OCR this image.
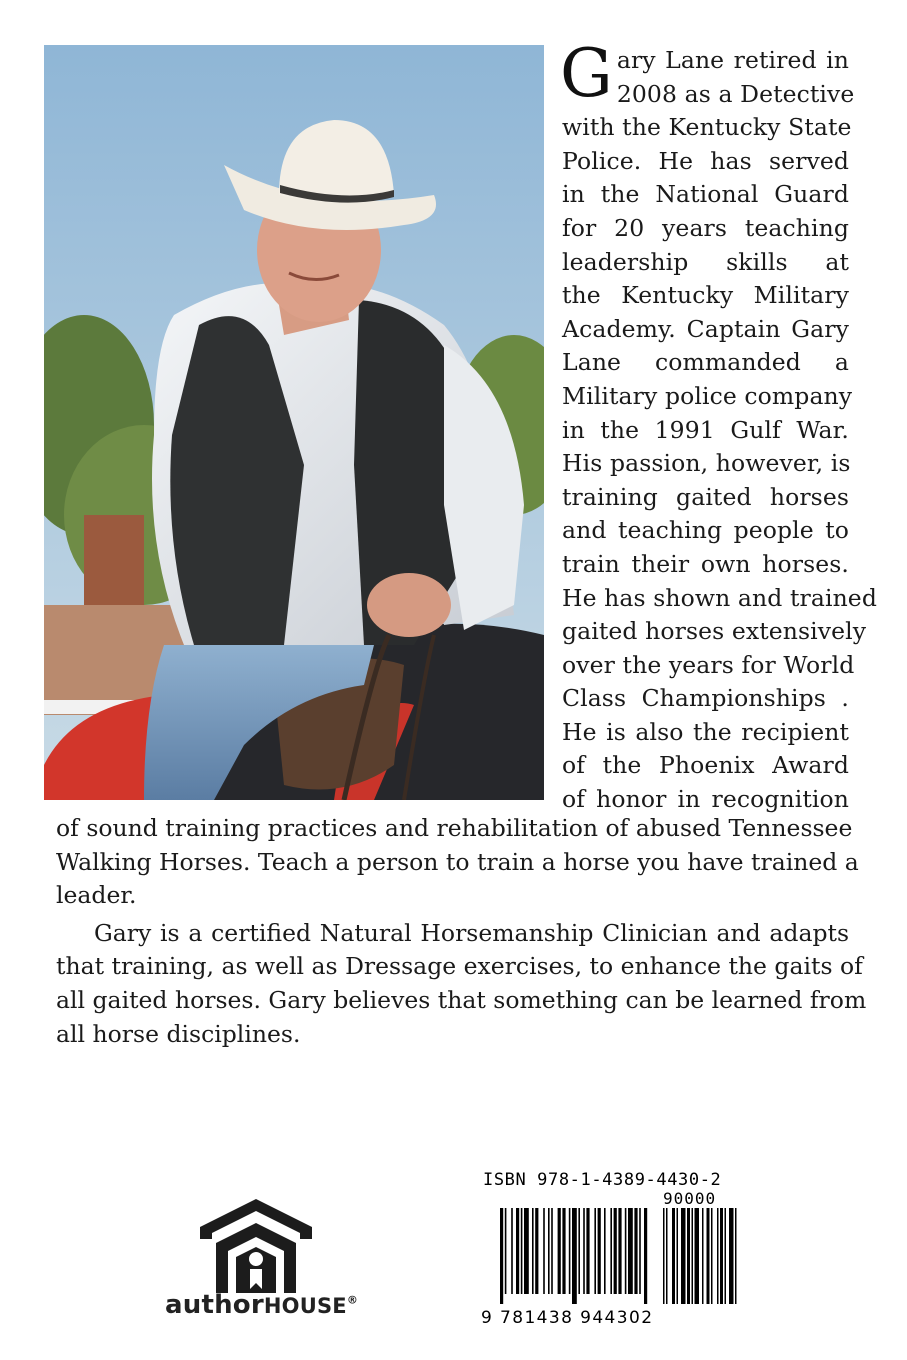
G ary Lane retired in
2008 as a Detective
with the Kentucky State
Police. He has served
in the National Guard
for 20 years teaching
leadership skills at
the Kentucky Military
Academy. Captain Gary
Lane commanded a
Military police company
in the 1991 Gulf War.
His passion, however, is
training gaited horses
and teaching people to
train their own horses.
He has shown and trained
gaited horses extensively
over the years for World
Class Championships .
He is also the recipient
of the Phoenix Award
of honor in recognition
of sound training practices and rehabilitation of abused Tennessee
Walking Horses. Teach a person to train a horse you have trained a
leader.
Gary is a certified Natural Horsemanship Clinician and adapts
that training, as well as Dressage exercises, to enhance the gaits of
all gaited horses. Gary believes that something can be learned from
all horse disciplines.
authorHOUSE®
ISBN 978-1-4389-4430-2
90000
9 781438 944302
